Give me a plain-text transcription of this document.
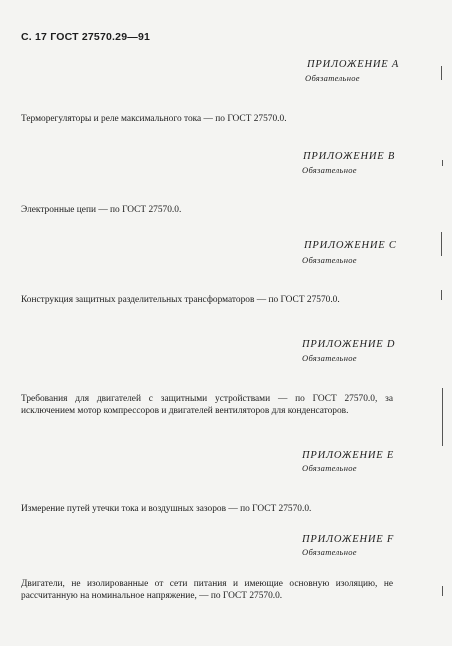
С. 17 ГОСТ 27570.29—91
ПРИЛОЖЕНИЕ А
Обязательное
Терморегуляторы и реле максимального тока — по ГОСТ 27570.0.
ПРИЛОЖЕНИЕ В
Обязательное
Электронные цепи — по ГОСТ 27570.0.
ПРИЛОЖЕНИЕ С
Обязательное
Конструкция защитных разделительных трансформаторов — по ГОСТ 27570.0.
ПРИЛОЖЕНИЕ D
Обязательное
Требования для двигателей с защитными устройствами — по ГОСТ 27570.0, за исключением мотор компрессоров и двигателей вентиляторов для конденсаторов.
ПРИЛОЖЕНИЕ Е
Обязательное
Измерение путей утечки тока и воздушных зазоров — по ГОСТ 27570.0.
ПРИЛОЖЕНИЕ F
Обязательное
Двигатели, не изолированные от сети питания и имеющие основную изоляцию, не рассчитанную на номинальное напряжение, — по ГОСТ 27570.0.
